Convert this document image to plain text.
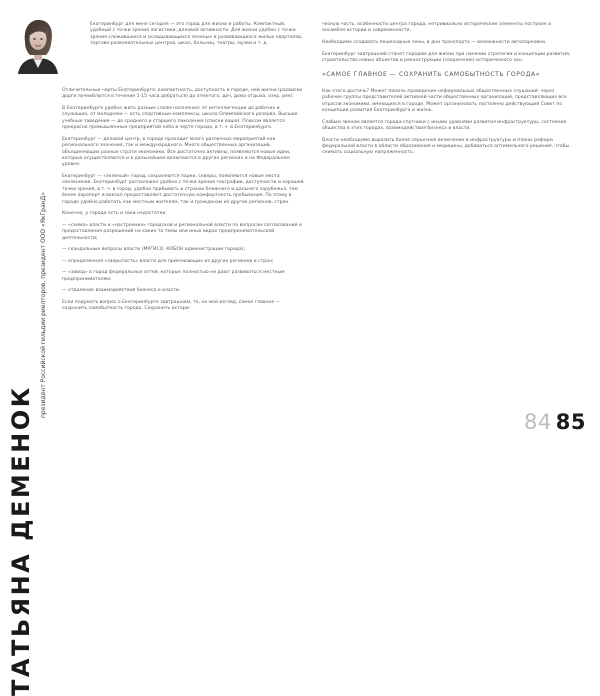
ТАТЬЯНА ДЕМЕНОК
президент Российской гильдии риелторов, президент ООО «ЯкГранД»

Екатеринбург для меня сегодня — это город для жизни и работы. Компактный, удобный с точки зрения логистики, деловой активности. Для жизни удобен с точки зрения сложившихся и складывающихся зеленых и развивающихся жилых кварталов, торгово-развлекательных центров, школ, больниц, театры, музеи и т. д.

Отличительные черты Екатеринбурга: компактность, доступность в городе, ней жизни (расвиски дорги почеиблются в течение 1-15 часа добраться) до отметого, дач, дома отдыха, озер, рек).

В Екатеринбурге удобно жить разным слоям населения: от интеллигенции до рабочих и служащих, от молодежи — есть спортивные комплексы, школа Олимпийского резерва, Высшие учебные заведения — до среднего и старшего поколения (списки ваша). Плюсом является прекрасно промышленные предприятий небо в черте города, в т. ч. в Екатеринбурге.

Екатеринбург — деловой центр, в городе проходит много различных мероприятий как регионального значения, так и международного. Много общественных организаций, объединяющих разные страти экономики. Все достаточно активны, появляются новые идеи, которые осуществляются и в дальнейшем включаются в других регионах и на Федеральном уровне.

Екатеринбург — «зеленый» город, сохраняются парки, скверы, появляются новые места озеленения. Екатеринбург расположен удобно с точки зрения географии, доступности и хорошей точки зрения, в т. ч. в город, удобно прибывать и странах ближнего и дальнего зарубежья, тем более аэропорт и вокзал предоставляют достаточную комфортность пребывания. По этому в городе удобно работать как местным жителям, так и гражданам из других регионов, стран.

Конечно, у города есть и свои недостатки:

— «схема» власти и «настроения» городской и региональной власти по вопросам согласований и предоставления разрешений на каких-то темы или иных видах предпринимательской деятельности;

— скандальные вопросы власти (МУГИСО, КОБОН администрации города);

— определенная «закрытость» власти для приезжающих из других регионов и стран;

— «завод» в город федеральных сетей, которые полностью не дают развиваться местным предпринимателям;

— отдаление взаимодействия бизнеса и власти.

Если подумать вопрос о Екатеринбурге завтрашнем, то, на мой взгляд, самое главное — сохранить самобытность города. Сохранить истори-

ческую часть, особенности центра города, нетривиально исторические элементы построек в ансамбле истории и современности.

Необходимо создавать пешеходные зоны, в дни транспорта — возможности автопарковки.

Екатеринбург завтрашний станет городом для жизни при наличии стратегии и концепции развития, строительство новых объектов и реконструкции (сохранение) исторического зон.

«САМОЕ ГЛАВНОЕ — СОХРАНИТЬ САМОБЫТНОСТЬ ГОРОДА»

Как этого достичь? Может помочь проведение неформальных общественных слушаний: через рабочие группы представителей активной части общественных организаций, представляющих все отрасли экономики, имеющихся в городе. Может организовать постоянно действующий Совет по концепции развития Екатеринбурга и жизнь.

Слабым звеном является города-спутники с иными уровнями развития инфраструктуры, состояния общества в этих городах, взаимодействия бизнеса и власти.

Власти необходимо выразить более серьезное включение в инфраструктуры и планы реформ федеральной власти в области образования и медицины, добиваться оптимального решения, чтобы снимать социальную напряженность.

84 85
